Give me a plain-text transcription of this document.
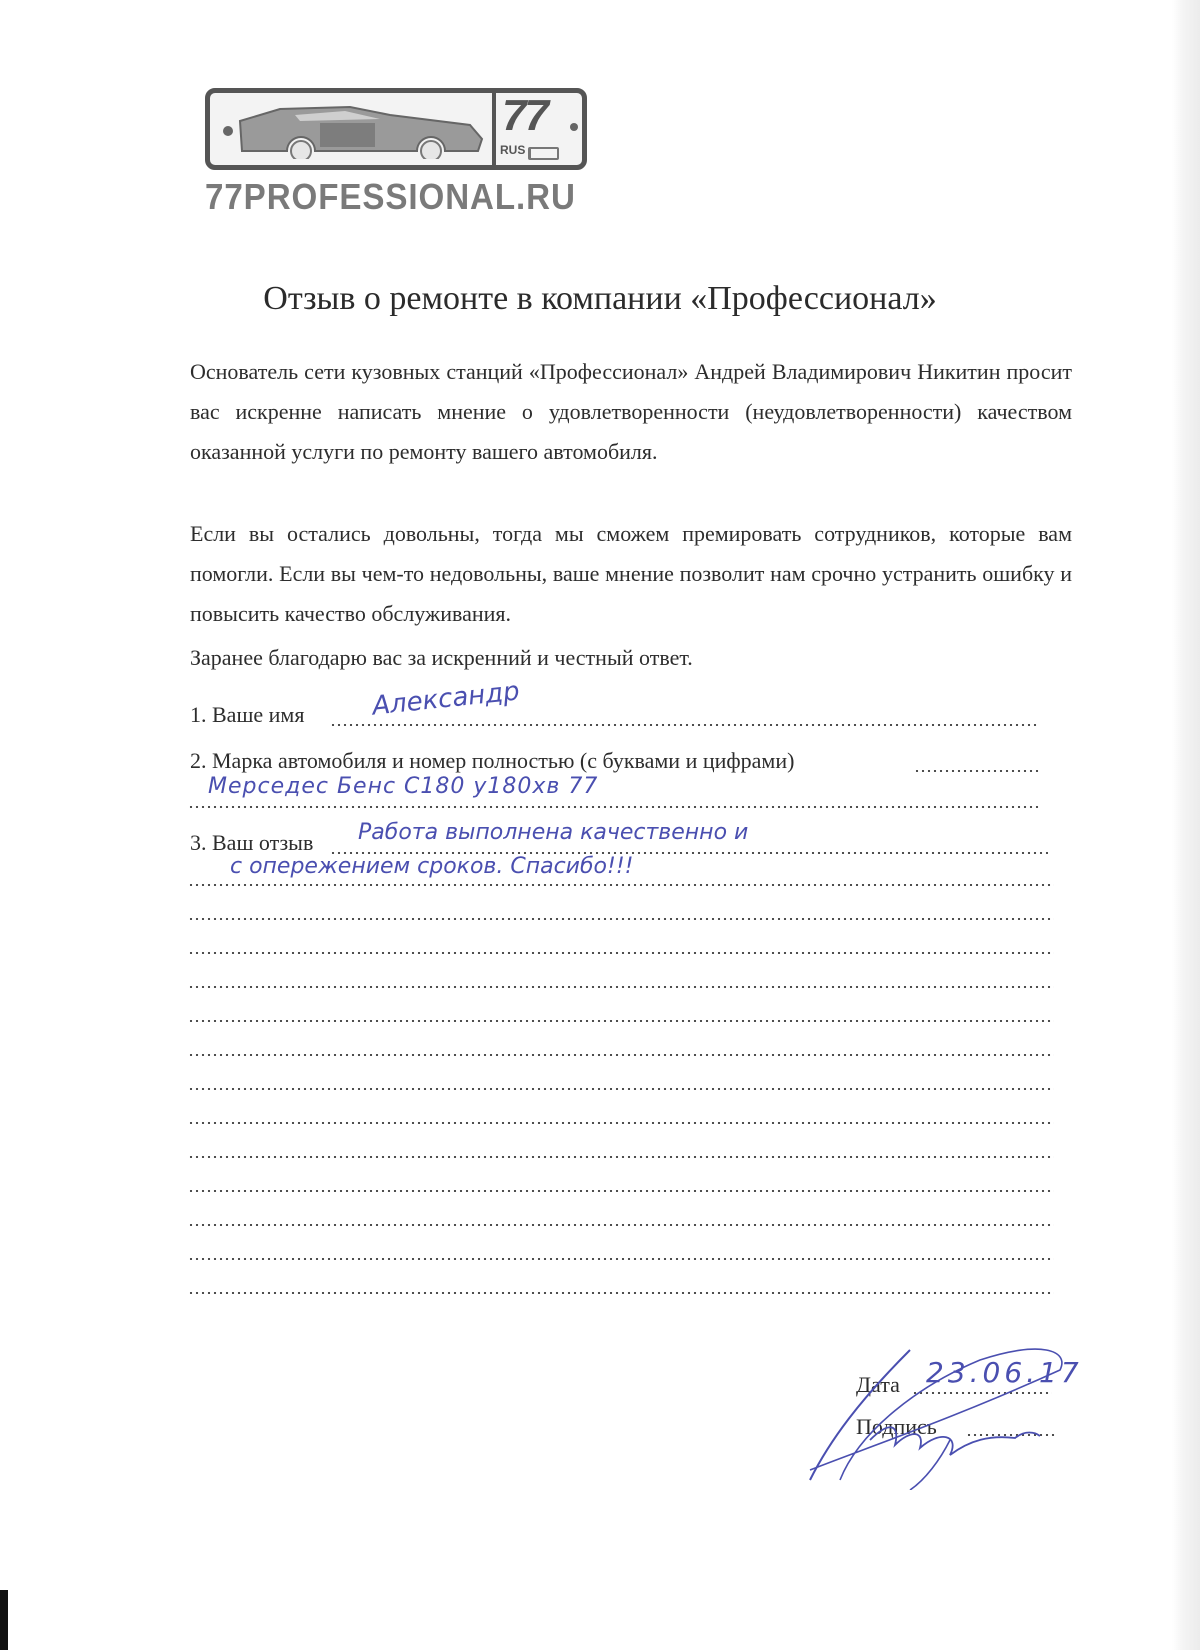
77
RUS
77PROFESSIONAL.RU
Отзыв о ремонте в компании «Профессионал»
Основатель сети кузовных станций «Профессионал» Андрей Владимирович Никитин просит вас искренне написать мнение о удовлетворенности (неудовлетворенности) качеством оказанной услуги по ремонту вашего автомобиля.
Если вы остались довольны, тогда мы сможем премировать сотрудников, которые вам помогли. Если вы чем-то недовольны, ваше мнение позволит нам срочно устранить ошибку и повысить качество обслуживания.
Заранее благодарю вас за искренний и честный ответ.
1. Ваше имя	Александр
2. Марка автомобиля и номер полностью (с буквами и цифрами)
Мерседес Бенс С180 у180хв 77
3. Ваш отзыв Работа выполнена качественно и
с опережением сроков. Спасибо!!!
Дата 23.06.17
Подпись
